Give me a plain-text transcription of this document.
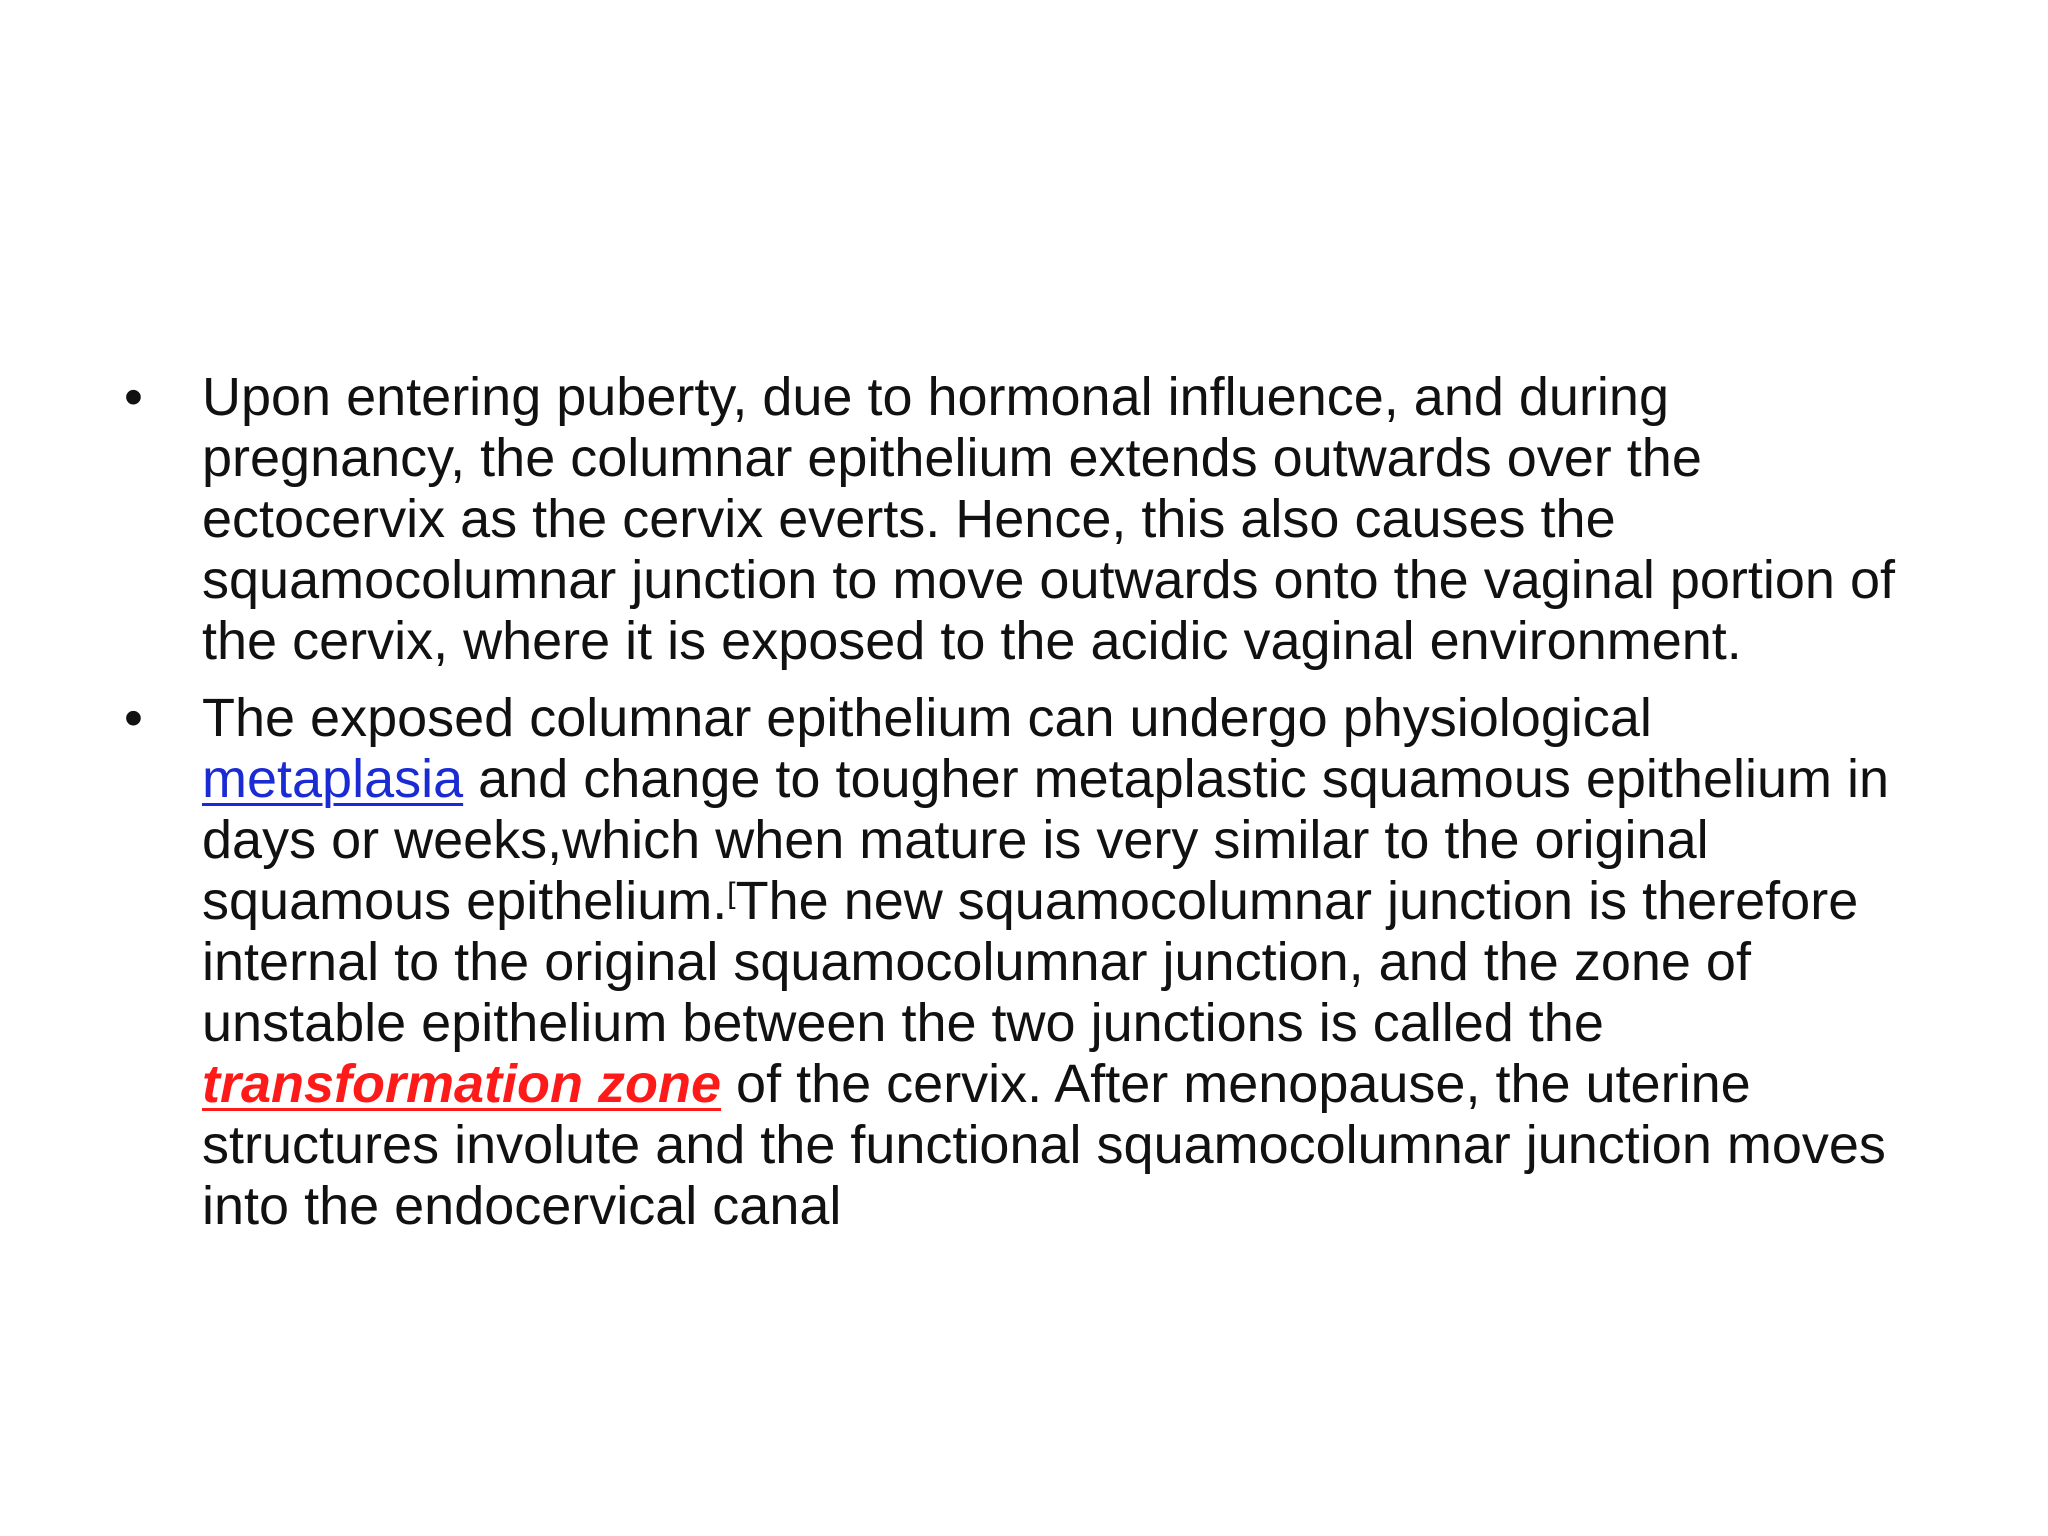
•	Upon entering puberty, due to hormonal influence, and during pregnancy, the columnar epithelium extends outwards over the ectocervix as the cervix everts. Hence, this also causes the squamocolumnar junction to move outwards onto the vaginal portion of the cervix, where it is exposed to the acidic vaginal environment.
•	The exposed columnar epithelium can undergo physiological metaplasia and change to tougher metaplastic squamous epithelium in days or weeks,which when mature is very similar to the original squamous epithelium.[The new squamocolumnar junction is therefore internal to the original squamocolumnar junction, and the zone of unstable epithelium between the two junctions is called the transformation zone of the cervix. After menopause, the uterine structures involute and the functional squamocolumnar junction moves into the endocervical canal
